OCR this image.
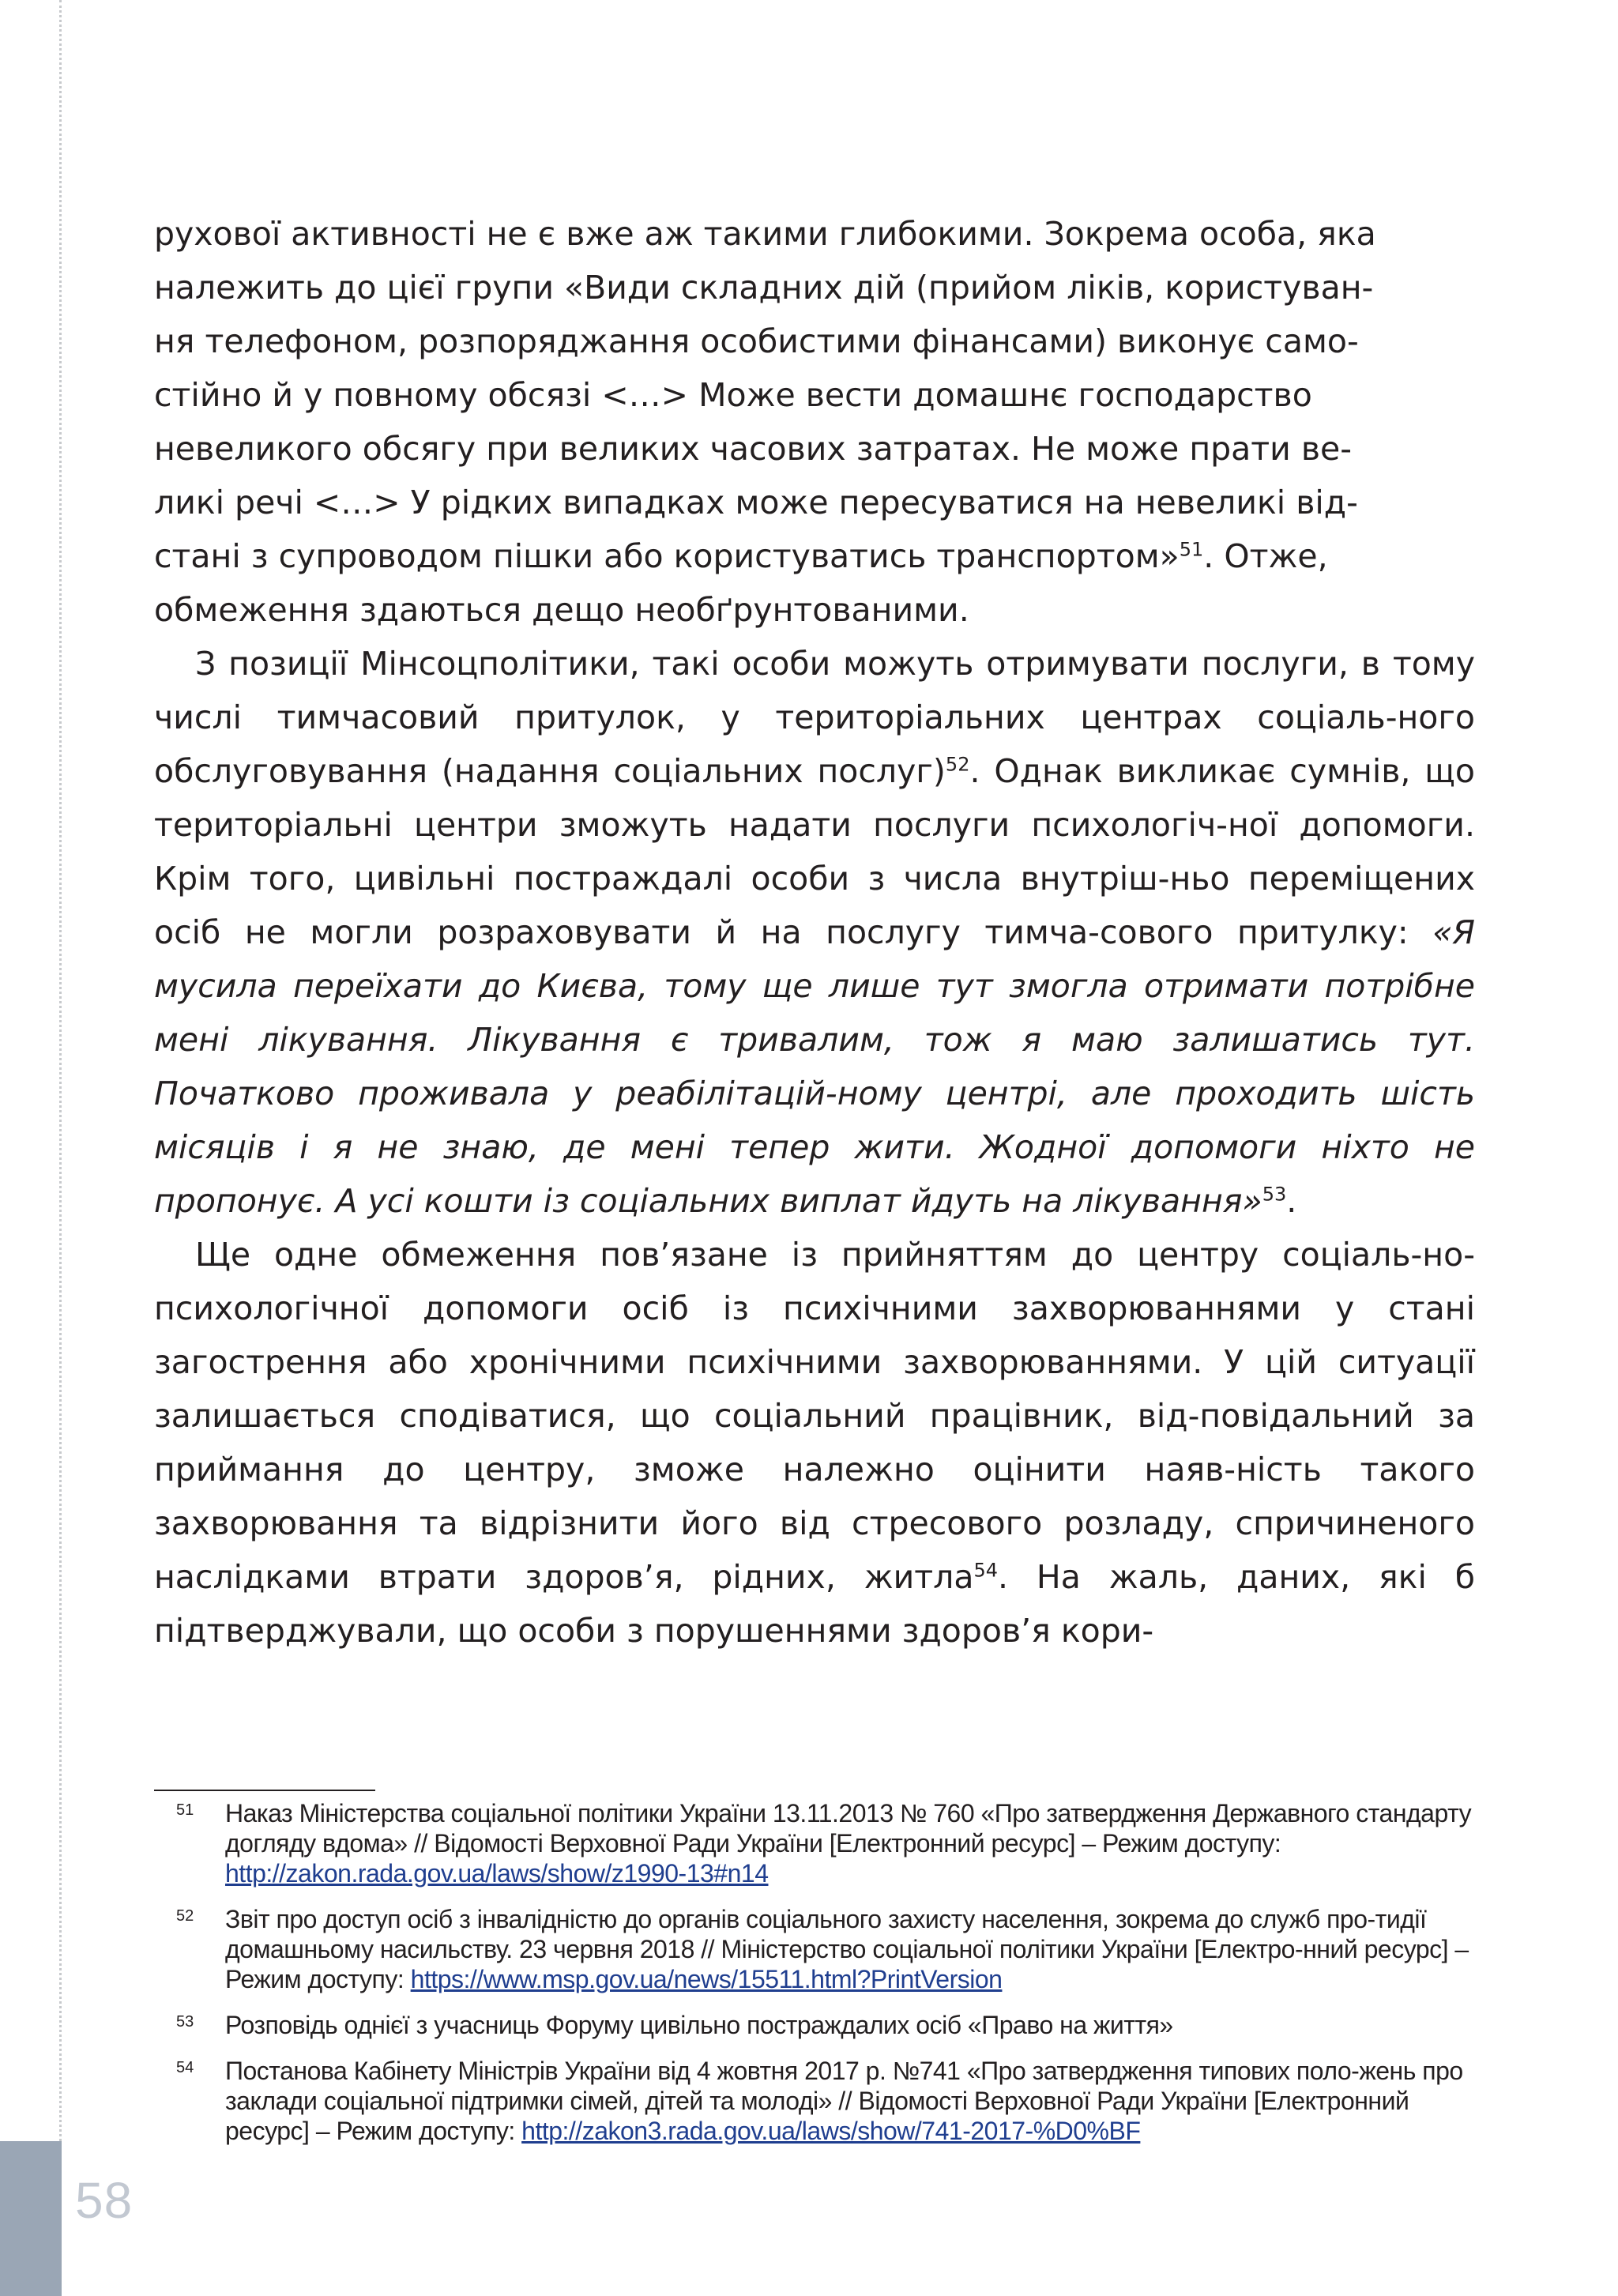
рухової активності не є вже аж такими глибокими. Зокрема особа, яка
належить до цієї групи «Види складних дій (прийом ліків, користуван-
ня телефоном, розпоряджання особистими фінансами) виконує само-
стійно й у повному обсязі <…> Може вести домашнє господарство
невеликого обсягу при великих часових затратах. Не може прати ве-
ликі речі <…> У рідких випадках може пересуватися на невеликі від-
стані з супроводом пішки або користуватись транспортом»$^{51}$. Отже,
обмеження здаються дещо необґрунтованими.

З позиції Мінсоцполітики, такі особи можуть отримувати послуги, в тому числі тимчасовий притулок, у територіальних центрах соціаль-ного обслуговування (надання соціальних послуг)$^{52}$. Однак викликає сумнів, що територіальні центри зможуть надати послуги психологіч-ної допомоги. Крім того, цивільні постраждалі особи з числа внутріш-ньо переміщених осіб не могли розраховувати й на послугу тимча-сового притулку: «Я мусила переїхати до Києва, тому ще лише тут змогла отримати потрібне мені лікування. Лікування є тривалим, тож я маю залишатись тут. Початково проживала у реабілітацій-ному центрі, але проходить шість місяців і я не знаю, де мені тепер жити. Жодної допомоги ніхто не пропонує. А усі кошти із соціальних виплат йдуть на лікування»$^{53}$.

Ще одне обмеження пов’язане із прийняттям до центру соціаль-но-психологічної допомоги осіб із психічними захворюваннями у стані загострення або хронічними психічними захворюваннями. У цій ситуації залишається сподіватися, що соціальний працівник, від-повідальний за приймання до центру, зможе належно оцінити наяв-ність такого захворювання та відрізнити його від стресового розладу, спричиненого наслідками втрати здоров’я, рідних, житла$^{54}$. На жаль, даних, які б підтверджували, що особи з порушеннями здоров’я кори-

51	Наказ Міністерства соціальної політики України 13.11.2013 № 760 «Про затвердження Державного стандарту догляду вдома» // Відомості Верховної Ради України [Електронний ресурс] – Режим доступу: http://zakon.rada.gov.ua/laws/show/z1990-13#n14
52	Звіт про доступ осіб з інвалідністю до органів соціального захисту населення, зокрема до служб про-тидії домашньому насильству. 23 червня 2018 // Міністерство соціальної політики України [Електро-нний ресурс] – Режим доступу: https://www.msp.gov.ua/news/15511.html?PrintVersion
53	Розповідь однієї з учасниць Форуму цивільно постраждалих осіб «Право на життя»
54	Постанова Кабінету Міністрів України від 4 жовтня 2017 р. №741 «Про затвердження типових поло-жень про заклади соціальної підтримки сімей, дітей та молоді» // Відомості Верховної Ради України [Електронний ресурс] – Режим доступу: http://zakon3.rada.gov.ua/laws/show/741-2017-%D0%BF
58
